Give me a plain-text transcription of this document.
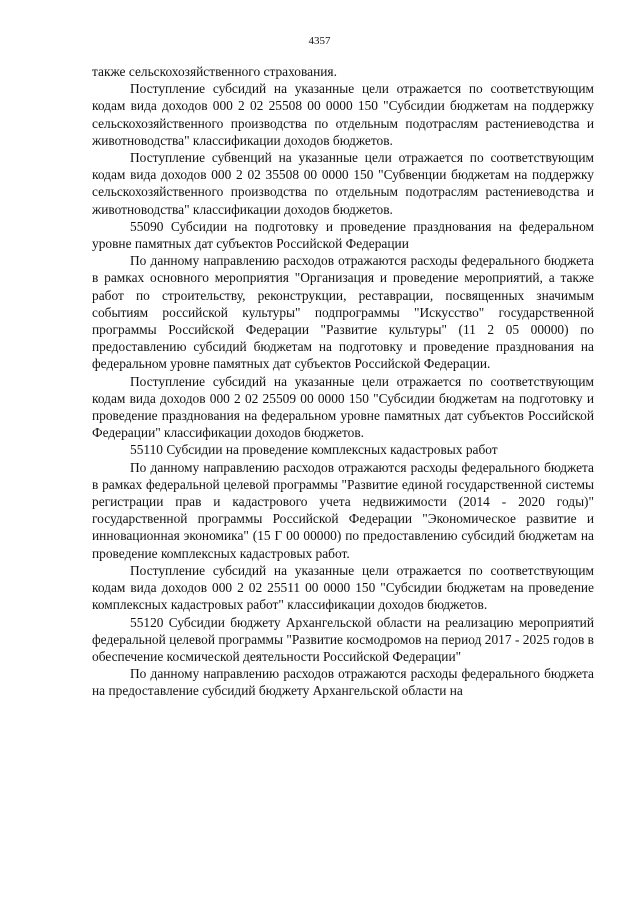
4357

также сельскохозяйственного страхования.

Поступление субсидий на указанные цели отражается по соответствующим кодам вида доходов 000 2 02 25508 00 0000 150 "Субсидии бюджетам на поддержку сельскохозяйственного производства по отдельным подотраслям растениеводства и животноводства" классификации доходов бюджетов.

Поступление субвенций на указанные цели отражается по соответствующим кодам вида доходов 000 2 02 35508 00 0000 150 "Субвенции бюджетам на поддержку сельскохозяйственного производства по отдельным подотраслям растениеводства и животноводства" классификации доходов бюджетов.

55090 Субсидии на подготовку и проведение празднования на федеральном уровне памятных дат субъектов Российской Федерации

По данному направлению расходов отражаются расходы федерального бюджета в рамках основного мероприятия "Организация и проведение мероприятий, а также работ по строительству, реконструкции, реставрации, посвященных значимым событиям российской культуры" подпрограммы "Искусство" государственной программы Российской Федерации "Развитие культуры" (11 2 05 00000) по предоставлению субсидий бюджетам на подготовку и проведение празднования на федеральном уровне памятных дат субъектов Российской Федерации.

Поступление субсидий на указанные цели отражается по соответствующим кодам вида доходов 000 2 02 25509 00 0000 150 "Субсидии бюджетам на подготовку и проведение празднования на федеральном уровне памятных дат субъектов Российской Федерации" классификации доходов бюджетов.

55110 Субсидии на проведение комплексных кадастровых работ

По данному направлению расходов отражаются расходы федерального бюджета в рамках федеральной целевой программы "Развитие единой государственной системы регистрации прав и кадастрового учета недвижимости (2014 - 2020 годы)" государственной программы Российской Федерации "Экономическое развитие и инновационная экономика" (15 Г 00 00000) по предоставлению субсидий бюджетам на проведение комплексных кадастровых работ.

Поступление субсидий на указанные цели отражается по соответствующим кодам вида доходов 000 2 02 25511 00 0000 150 "Субсидии бюджетам на проведение комплексных кадастровых работ" классификации доходов бюджетов.

55120 Субсидии бюджету Архангельской области на реализацию мероприятий федеральной целевой программы "Развитие космодромов на период 2017 - 2025 годов в обеспечение космической деятельности Российской Федерации"

По данному направлению расходов отражаются расходы федерального бюджета на предоставление субсидий бюджету Архангельской области на
